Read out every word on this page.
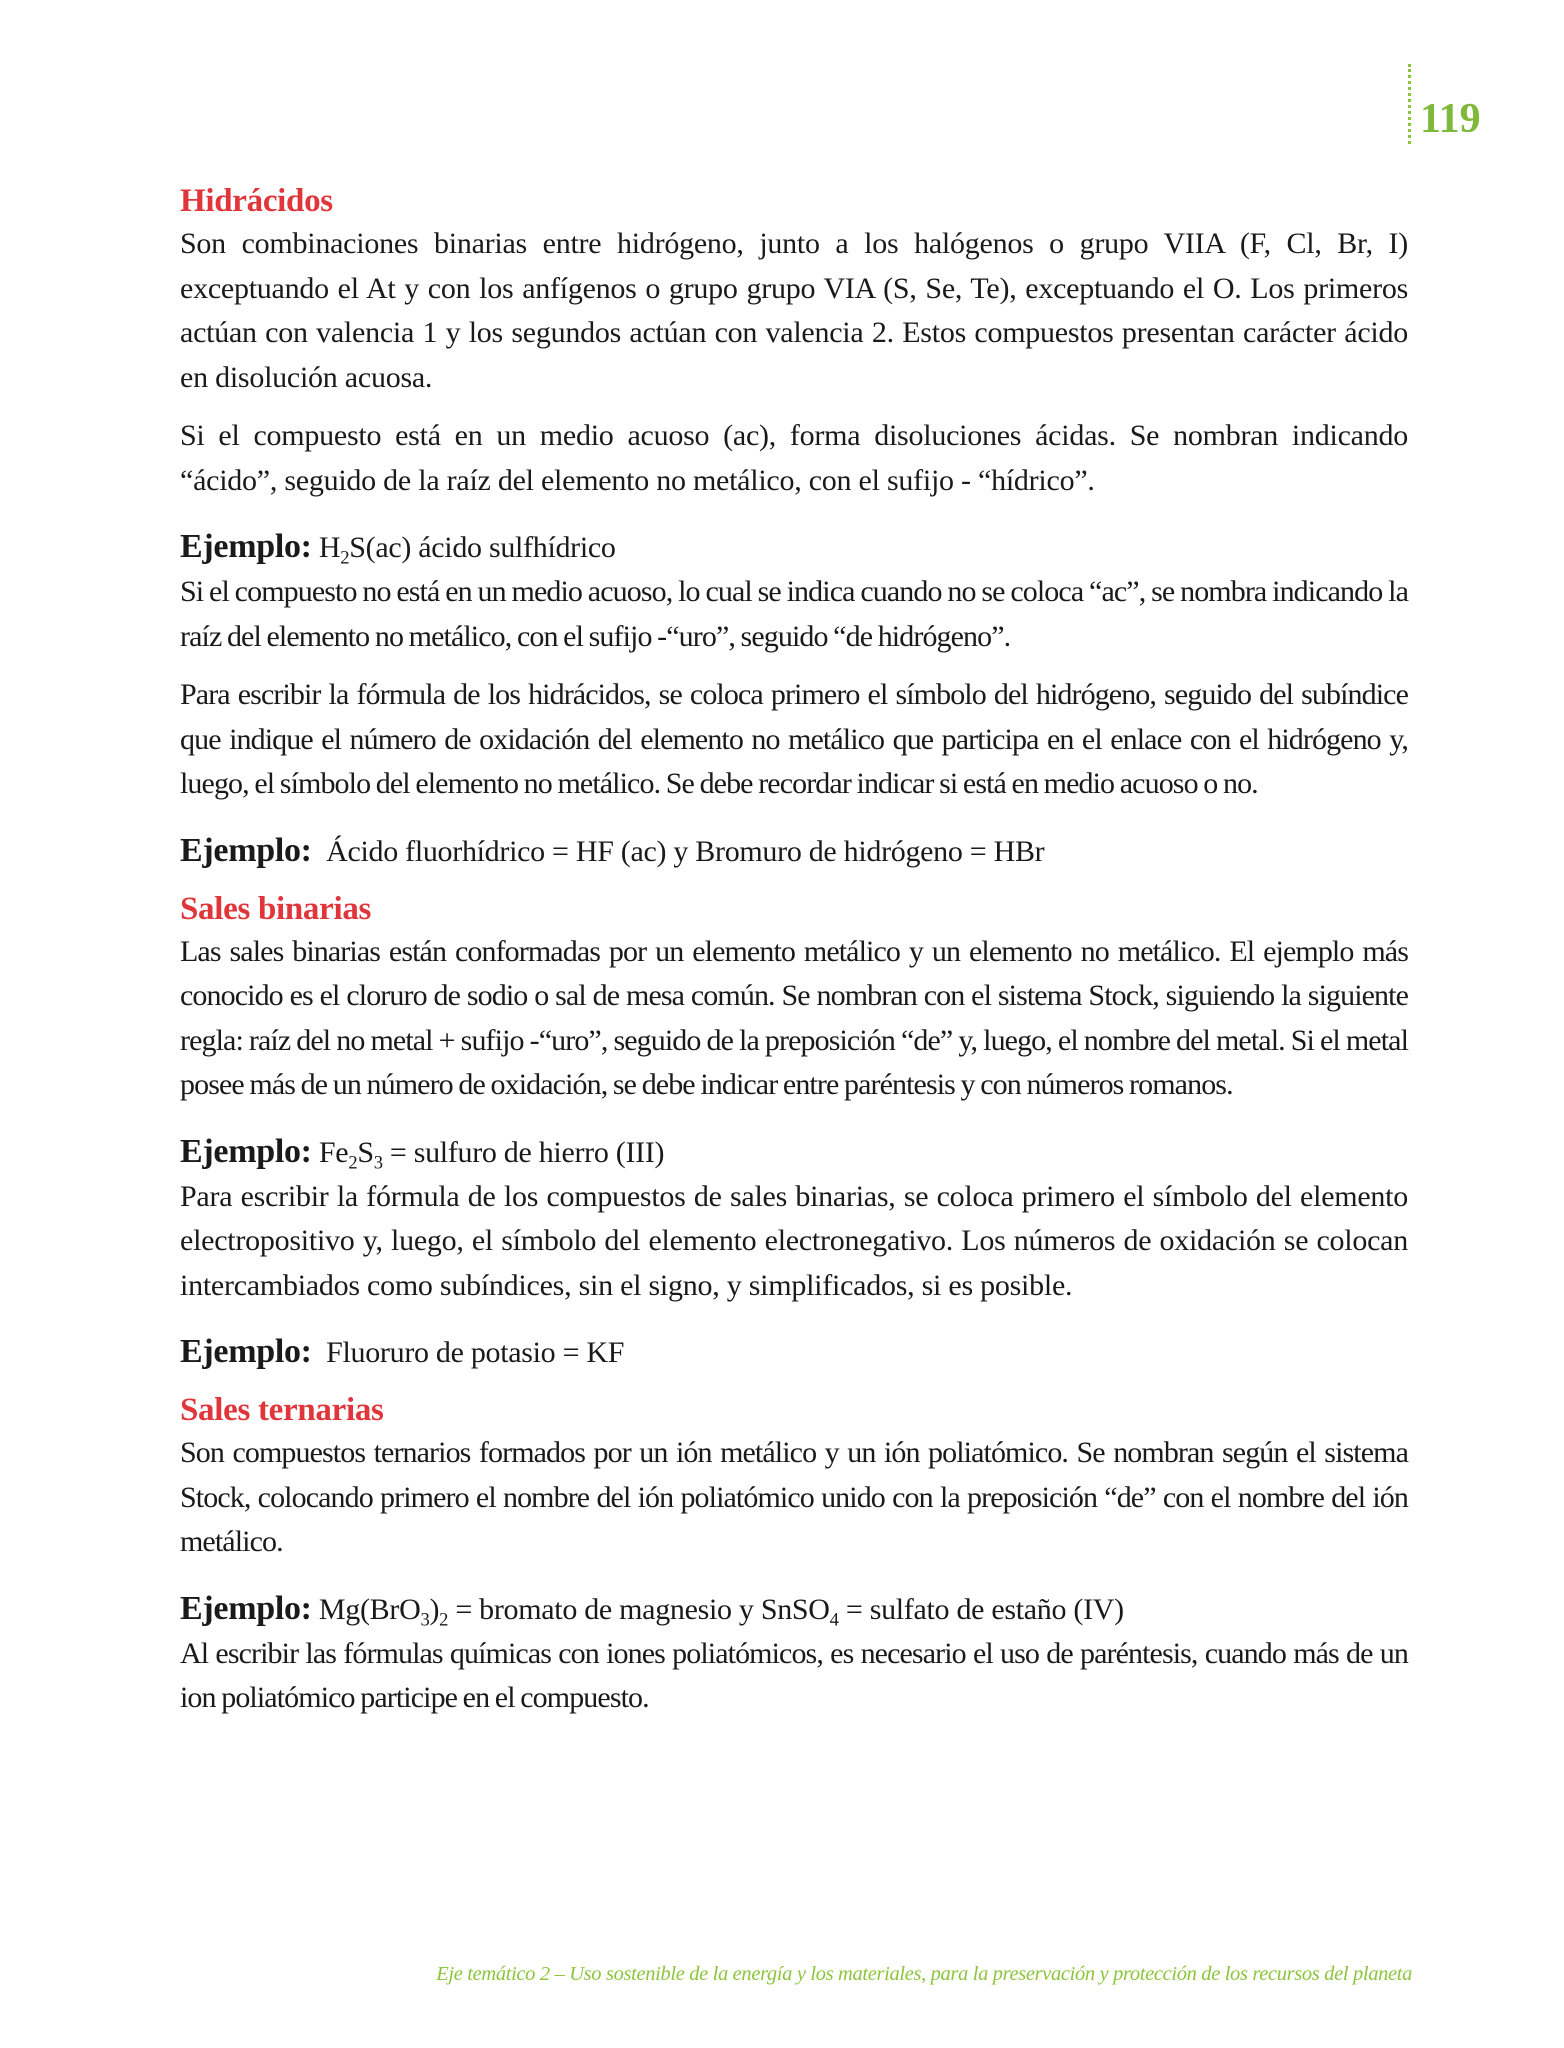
119
Hidrácidos

Son combinaciones binarias entre hidrógeno, junto a los halógenos o grupo VIIA (F, Cl, Br, I) exceptuando el At y con los anfígenos o grupo grupo VIA (S, Se, Te), exceptuando el O. Los primeros actúan con valencia 1 y los segundos actúan con valencia 2. Estos compuestos presentan carácter ácido en disolución acuosa.

Si el compuesto está en un medio acuoso (ac), forma disoluciones ácidas. Se nombran indicando “ácido”, seguido de la raíz del elemento no metálico, con el sufijo - “hídrico”.

Ejemplo: $H_2S(ac)$ ácido sulfhídrico

Si el compuesto no está en un medio acuoso, lo cual se indica cuando no se coloca “ac”, se nombra indicando la raíz del elemento no metálico, con el sufijo -“uro”, seguido “de hidrógeno”.

Para escribir la fórmula de los hidrácidos, se coloca primero el símbolo del hidrógeno, seguido del subíndice que indique el número de oxidación del elemento no metálico que participa en el enlace con el hidrógeno y, luego, el símbolo del elemento no metálico. Se debe recordar indicar si está en medio acuoso o no.

Ejemplo: Ácido fluorhídrico = HF (ac) y Bromuro de hidrógeno = HBr

Sales binarias

Las sales binarias están conformadas por un elemento metálico y un elemento no metálico. El ejemplo más conocido es el cloruro de sodio o sal de mesa común. Se nombran con el sistema Stock, siguiendo la siguiente regla: raíz del no metal + sufijo -“uro”, seguido de la preposición “de” y, luego, el nombre del metal. Si el metal posee más de un número de oxidación, se debe indicar entre paréntesis y con números romanos.

Ejemplo: $Fe_2S_3$ = sulfuro de hierro (III)

Para escribir la fórmula de los compuestos de sales binarias, se coloca primero el símbolo del elemento electropositivo y, luego, el símbolo del elemento electronegativo. Los números de oxidación se colocan intercambiados como subíndices, sin el signo, y simplificados, si es posible.

Ejemplo: Fluoruro de potasio = KF

Sales ternarias

Son compuestos ternarios formados por un ión metálico y un ión poliatómico. Se nombran según el sistema Stock, colocando primero el nombre del ión poliatómico unido con la preposición “de” con el nombre del ión metálico.

Ejemplo: $Mg(BrO_3)_2$ = bromato de magnesio y SnSO$_4$ = sulfato de estaño (IV)

Al escribir las fórmulas químicas con iones poliatómicos, es necesario el uso de paréntesis, cuando más de un ion poliatómico participe en el compuesto.

Eje temático 2 – Uso sostenible de la energía y los materiales, para la preservación y protección de los recursos del planeta
